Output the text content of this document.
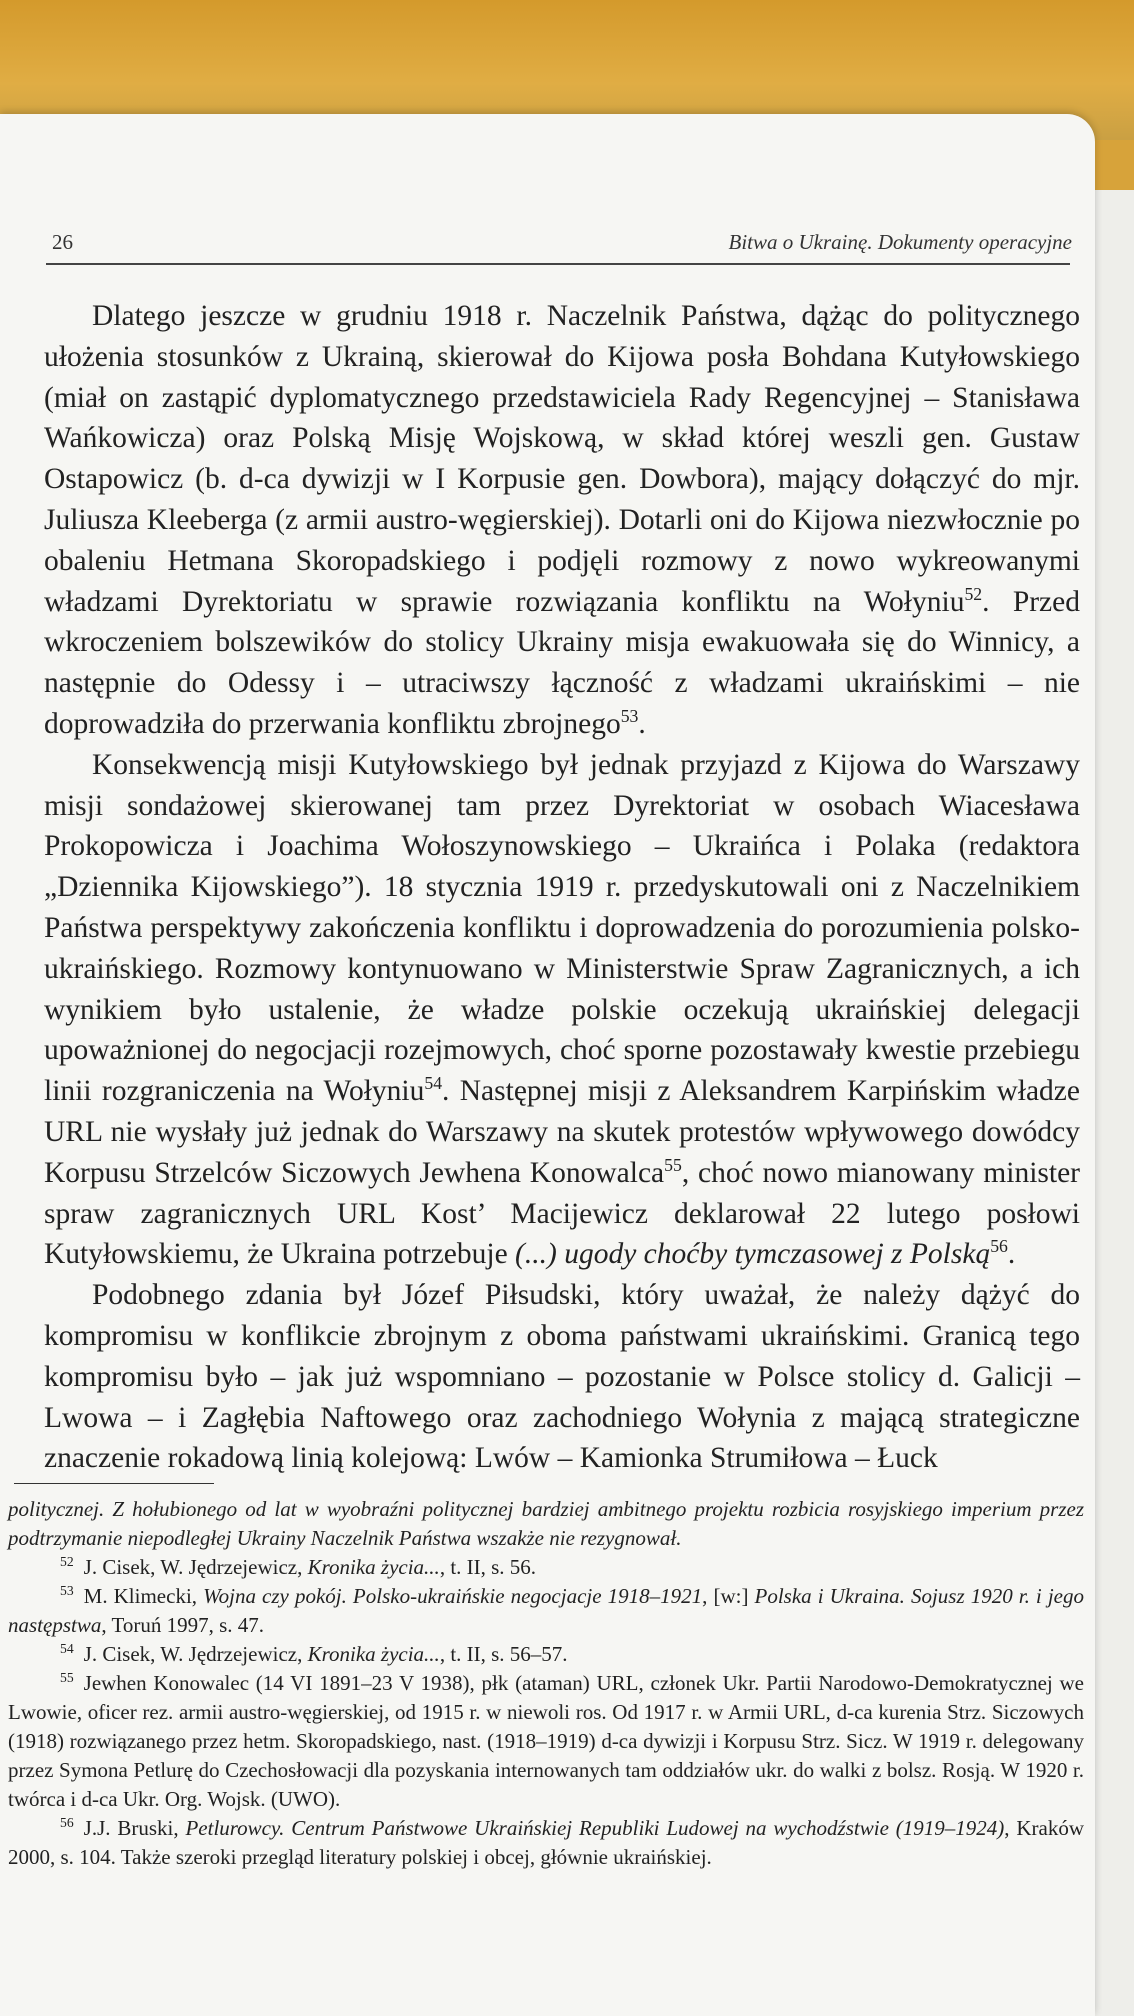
26	Bitwa o Ukrainę. Dokumenty operacyjne

Dlatego jeszcze w grudniu 1918 r. Naczelnik Państwa, dążąc do politycznego ułożenia stosunków z Ukrainą, skierował do Kijowa posła Bohdana Kutyłowskiego (miał on zastąpić dyplomatycznego przedstawiciela Rady Regencyjnej – Stanisława Wańkowicza) oraz Polską Misję Wojskową, w skład której weszli gen. Gustaw Ostapowicz (b. d-ca dywizji w I Korpusie gen. Dowbora), mający dołączyć do mjr. Juliusza Kleeberga (z armii austro-węgierskiej). Dotarli oni do Kijowa niezwłocznie po obaleniu Hetmana Skoropadskiego i podjęli rozmowy z nowo wykreowanymi władzami Dyrektoriatu w sprawie rozwiązania konfliktu na Wołyniu$^{52}$. Przed wkroczeniem bolszewików do stolicy Ukrainy misja ewakuowała się do Winnicy, a następnie do Odessy i – utraciwszy łączność z władzami ukraińskimi – nie doprowadziła do przerwania konfliktu zbrojnego$^{53}$.

Konsekwencją misji Kutyłowskiego był jednak przyjazd z Kijowa do Warszawy misji sondażowej skierowanej tam przez Dyrektoriat w osobach Wiacesława Prokopowicza i Joachima Wołoszynowskiego – Ukraińca i Polaka (redaktora „Dziennika Kijowskiego”). 18 stycznia 1919 r. przedyskutowali oni z Naczelnikiem Państwa perspektywy zakończenia konfliktu i doprowadzenia do porozumienia polsko-ukraińskiego. Rozmowy kontynuowano w Ministerstwie Spraw Zagranicznych, a ich wynikiem było ustalenie, że władze polskie oczekują ukraińskiej delegacji upoważnionej do negocjacji rozejmowych, choć sporne pozostawały kwestie przebiegu linii rozgraniczenia na Wołyniu$^{54}$. Następnej misji z Aleksandrem Karpińskim władze URL nie wysłały już jednak do Warszawy na skutek protestów wpływowego dowódcy Korpusu Strzelców Siczowych Jewhena Konowalca$^{55}$, choć nowo mianowany minister spraw zagranicznych URL Kost’ Macijewicz deklarował 22 lutego posłowi Kutyłowskiemu, że Ukraina potrzebuje (...) ugody choćby tymczasowej z Polską$^{56}$.

Podobnego zdania był Józef Piłsudski, który uważał, że należy dążyć do kompromisu w konflikcie zbrojnym z oboma państwami ukraińskimi. Granicą tego kompromisu było – jak już wspomniano – pozostanie w Polsce stolicy d. Galicji – Lwowa – i Zagłębia Naftowego oraz zachodniego Wołynia z mającą strategiczne znaczenie rokadową linią kolejową: Lwów – Kamionka Strumiłowa – Łuck

politycznej. Z hołubionego od lat w wyobraźni politycznej bardziej ambitnego projektu rozbicia rosyjskiego imperium przez podtrzymanie niepodległej Ukrainy Naczelnik Państwa wszakże nie rezygnował.

$^{52}$ J. Cisek, W. Jędrzejewicz, Kronika życia..., t. II, s. 56.

$^{53}$ M. Klimecki, Wojna czy pokój. Polsko-ukraińskie negocjacje 1918–1921, [w:] Polska i Ukraina. Sojusz 1920 r. i jego następstwa, Toruń 1997, s. 47.

$^{54}$ J. Cisek, W. Jędrzejewicz, Kronika życia..., t. II, s. 56–57.

$^{55}$ Jewhen Konowalec (14 VI 1891–23 V 1938), płk (ataman) URL, członek Ukr. Partii Narodowo-Demokratycznej we Lwowie, oficer rez. armii austro-węgierskiej, od 1915 r. w niewoli ros. Od 1917 r. w Armii URL, d-ca kurenia Strz. Siczowych (1918) rozwiązanego przez hetm. Skoropadskiego, nast. (1918–1919) d-ca dywizji i Korpusu Strz. Sicz. W 1919 r. delegowany przez Symona Petlurę do Czechosłowacji dla pozyskania internowanych tam oddziałów ukr. do walki z bolsz. Rosją. W 1920 r. twórca i d-ca Ukr. Org. Wojsk. (UWO).

$^{56}$ J.J. Bruski, Petlurowcy. Centrum Państwowe Ukraińskiej Republiki Ludowej na wychodźstwie (1919–1924), Kraków 2000, s. 104. Także szeroki przegląd literatury polskiej i obcej, głównie ukraińskiej.
